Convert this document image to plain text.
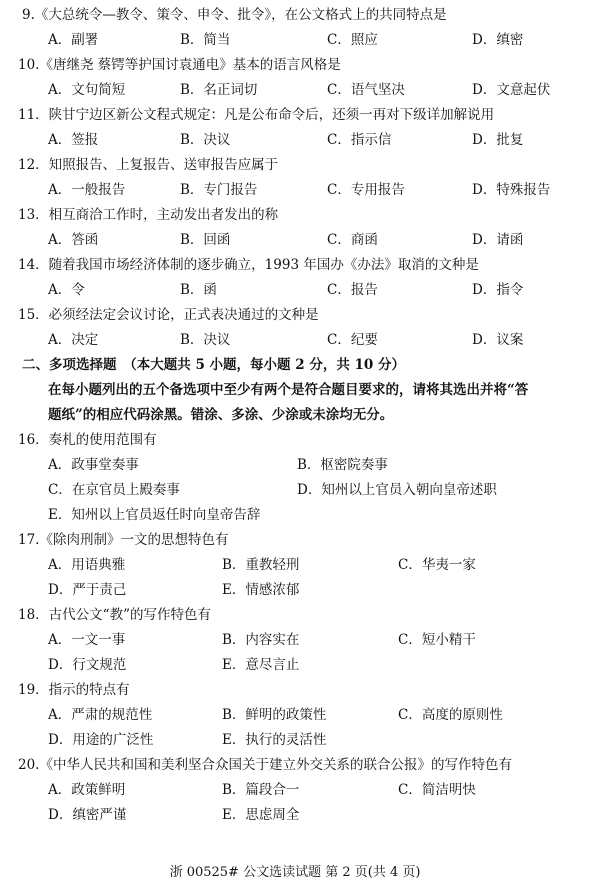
9.《大总统令—教令、策令、申令、批令》，在公文格式上的共同特点是
A．副署	B．简当	C．照应	D．缜密
10.《唐继尧 蔡锷等护国讨袁通电》基本的语言风格是
A．文句简短	B．名正词切	C．语气坚决	D．文意起伏
11．陕甘宁边区新公文程式规定：凡是公布命令后，还须一再对下级详加解说用
A．签报	B．决议	C．指示信	D．批复
12．知照报告、上复报告、送审报告应属于
A．一般报告	B．专门报告	C．专用报告	D．特殊报告
13．相互商洽工作时，主动发出者发出的称
A．答函	B．回函	C．商函	D．请函
14．随着我国市场经济体制的逐步确立，1993 年国办《办法》取消的文种是
A．令	B．函	C．报告	D．指令
15．必须经法定会议讨论，正式表决通过的文种是
A．决定	B．决议	C．纪要	D．议案
二、多项选择题　（本大题共 5 小题，每小题 2 分，共 10 分）
在每小题列出的五个备选项中至少有两个是符合题目要求的，请将其选出并将“答
题纸”的相应代码涂黑。错涂、多涂、少涂或未涂均无分。
16．奏札的使用范围有
A．政事堂奏事	B．枢密院奏事
C．在京官员上殿奏事	D．知州以上官员入朝向皇帝述职
E．知州以上官员返任时向皇帝告辞
17.《除肉刑制》一文的思想特色有
A．用语典雅	B．重教轻刑	C．华夷一家
D．严于责己	E．情感浓郁
18．古代公文“教”的写作特色有
A．一文一事	B．内容实在	C．短小精干
D．行文规范	E．意尽言止
19．指示的特点有
A．严肃的规范性	B．鲜明的政策性	C．高度的原则性
D．用途的广泛性	E．执行的灵活性
20.《中华人民共和国和美利坚合众国关于建立外交关系的联合公报》的写作特色有
A．政策鲜明	B．篇段合一	C．简洁明快
D．缜密严谨	E．思虑周全
浙 00525# 公文选读试题 第 2 页(共 4 页)
